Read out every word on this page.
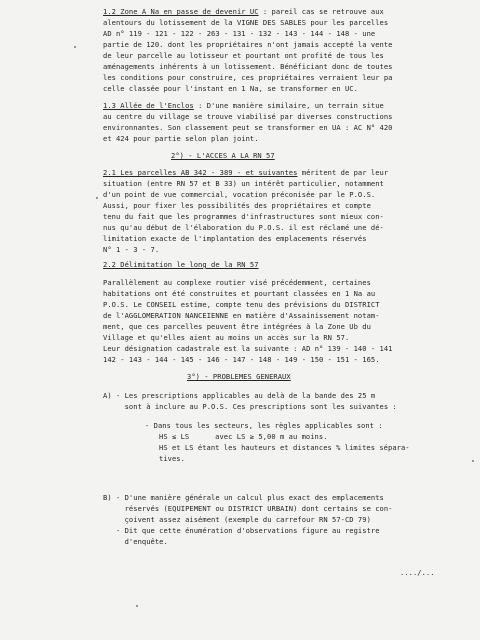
1.2 Zone A Na en passe de devenir UC : pareil cas se retrouve aux
alentours du lotissement de la VIGNE DES SABLES pour les parcelles
AD n° 119 - 121 - 122 - 263 - 131 - 132 - 143 - 144 - 148 - une
partie de 120. dont les propriétaires n'ont jamais accepté la vente
de leur parcelle au lotisseur et pourtant ont profité de tous les
aménagements inhérents à un lotissement. Bénéficiant donc de toutes
les conditions pour construire, ces propriétaires verraient leur pa
celle classée pour l'instant en 1 Na, se transformer en UC.
1.3 Allée de l'Enclos : D'une manière similaire, un terrain situe
au centre du village se trouve viabilisé par diverses constructions
environnantes. Son classement peut se transformer en UA : AC N° 420
et 424 pour partie selon plan joint.
2°) - L'ACCES A LA RN 57
2.1 Les parcelles AB 342 - 389 - et suivantes méritent de par leur
situation (entre RN 57 et B 33) un intérêt particulier, notamment
d'un point de vue commercial, vocation préconisée par le P.O.S.
Aussi, pour fixer les possibilités des propriétaires et compte
tenu du fait que les programmes d'infrastructures sont mieux con-
nus qu'au début de l'élaboration du P.O.S. il est réclamé une dé-
limitation exacte de l'implantation des emplacements réservés
N° 1 - 3 - 7.
2.2 Délimitation le long de la RN 57
Parallèlement au complexe routier visé précédemment, certaines
habitations ont été construites et pourtant classées en 1 Na au
P.O.S. Le CONSEIL estime, compte tenu des prévisions du DISTRICT
de l'AGGLOMERATION NANCEIENNE en matière d'Assainissement notam-
ment, que ces parcelles peuvent être intégrées à la Zone Ub du
Village et qu'elles aient au moins un accès sur la RN 57.
Leur désignation cadastrale est la suivante : AD n° 139 - 140 - 141
142 - 143 - 144 - 145 - 146 - 147 - 148 - 149 - 150 - 151 - 165.
3°) - PROBLEMES GENERAUX
A) - Les prescriptions applicables au delà de la bande des 25 m
sont à inclure au P.O.S. Ces prescriptions sont les suivantes :
- Dans tous les secteurs, les règles applicables sont :
HS ≤ LS      avec LS ≥ 5,00 m au moins.
HS et LS étant les hauteurs et distances % limites sépara-
tives.
B) - D'une manière générale un calcul plus exact des emplacements
réservés (EQUIPEMENT ou DISTRICT URBAIN) dont certains se con-
çoivent assez aisément (exemple du carrefour RN 57-CD 79)
- Dit que cette énumération d'observations figure au registre
d'enquête.
..../...
